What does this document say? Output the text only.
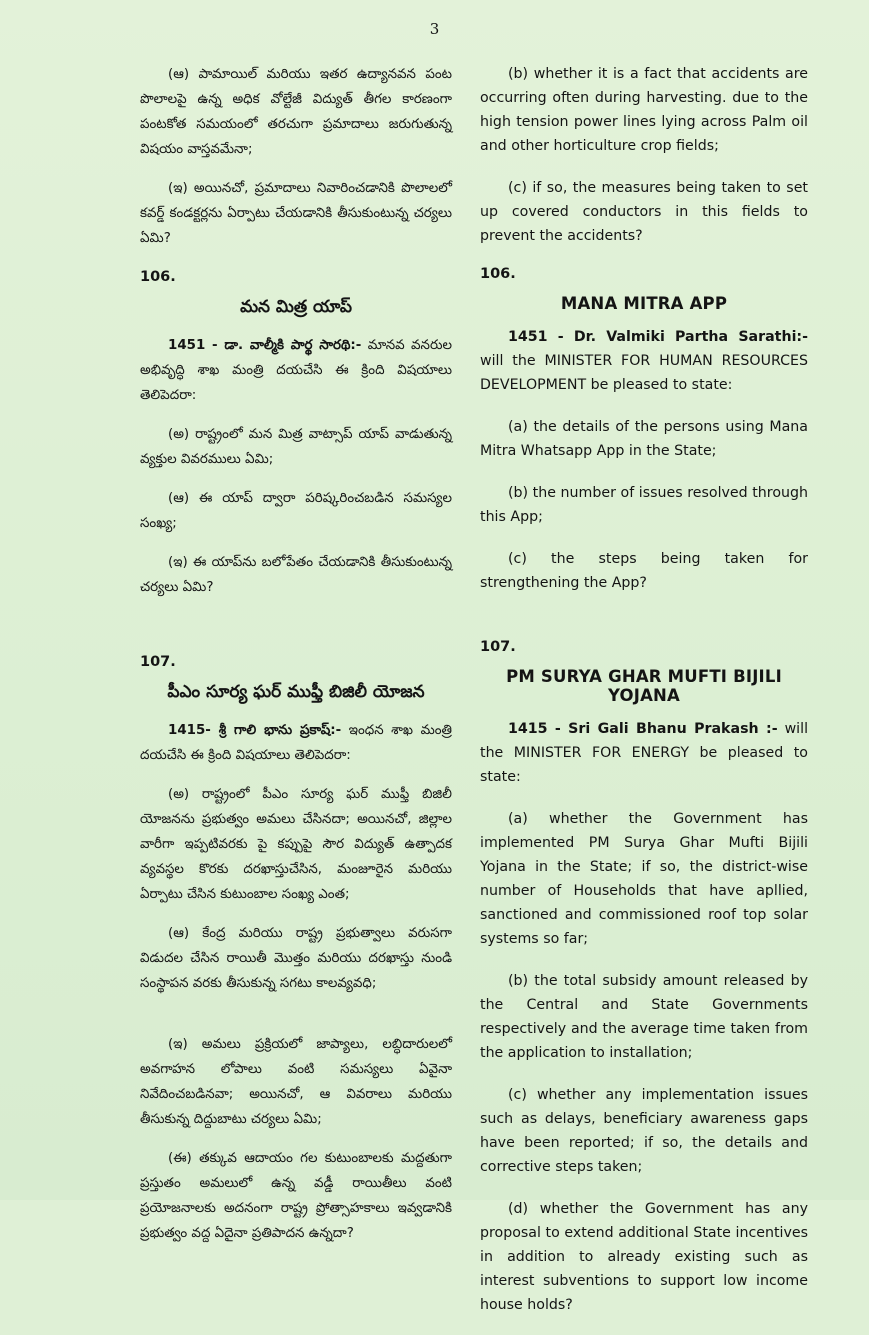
3

(ఆ) పామాయిల్ మరియు ఇతర ఉద్యానవన పంట పొలాలపై ఉన్న అధిక వోల్టేజీ విద్యుత్ తీగల కారణంగా పంటకోత సమయంలో తరచుగా ప్రమాదాలు జరుగుతున్న విషయం వాస్తవమేనా;

(ఇ) అయినచో, ప్రమాదాలు నివారించడానికి పొలాలలో కవర్డ్ కండక్టర్లను ఏర్పాటు చేయడానికి తీసుకుంటున్న చర్యలు ఏమి?

106.
మన మిత్ర యాప్

1451 - డా. వాల్మీకి పార్థ సారథి:- మానవ వనరుల అభివృద్ధి శాఖ మంత్రి దయచేసి ఈ క్రింది విషయాలు తెలిపెదరా:

(అ) రాష్ట్రంలో మన మిత్ర వాట్సాప్ యాప్ వాడుతున్న వ్యక్తుల వివరములు ఏమి;

(ఆ) ఈ యాప్ ద్వారా పరిష్కరించబడిన సమస్యల సంఖ్య;

(ఇ) ఈ యాప్‌ను బలోపేతం చేయడానికి తీసుకుంటున్న చర్యలు ఏమి?

107.
పీఎం సూర్య ఘర్ ముఫ్తీ బిజిలీ యోజన

1415- శ్రీ గాలి భాను ప్రకాష్:- ఇంధన శాఖ మంత్రి దయచేసి ఈ క్రింది విషయాలు తెలిపెదరా:

(అ) రాష్ట్రంలో పీఎం సూర్య ఘర్ ముఫ్తీ బిజిలీ యోజనను ప్రభుత్వం అమలు చేసినదా; అయినచో, జిల్లాల వారీగా ఇప్పటివరకు పై కప్పుపై సౌర విద్యుత్ ఉత్పాదక వ్యవస్థల కొరకు దరఖాస్తుచేసిన, మంజూరైన మరియు ఏర్పాటు చేసిన కుటుంబాల సంఖ్య ఎంత;

(ఆ) కేంద్ర మరియు రాష్ట్ర ప్రభుత్వాలు వరుసగా విడుదల చేసిన రాయితీ మొత్తం మరియు దరఖాస్తు నుండి సంస్థాపన వరకు తీసుకున్న సగటు కాలవ్యవధి;

(ఇ) అమలు ప్రక్రియలో జాప్యాలు, లబ్ధిదారులలో అవగాహన లోపాలు వంటి సమస్యలు ఏవైనా నివేదించబడినవా; అయినచో, ఆ వివరాలు మరియు తీసుకున్న దిద్దుబాటు చర్యలు ఏమి;

(ఈ) తక్కువ ఆదాయం గల కుటుంబాలకు మద్దతుగా ప్రస్తుతం అమలులో ఉన్న వడ్డీ రాయితీలు వంటి ప్రయోజనాలకు అదనంగా రాష్ట్ర ప్రోత్సాహకాలు ఇవ్వడానికి ప్రభుత్వం వద్ద ఏదైనా ప్రతిపాదన ఉన్నదా?

(b) whether it is a fact that accidents are occurring often during harvesting. due to the high tension power lines lying across Palm oil and other horticulture crop fields;

(c) if so, the measures being taken to set up covered conductors in this fields to prevent the accidents?

106.
MANA MITRA APP

1451 - Dr. Valmiki Partha Sarathi:- will the MINISTER FOR HUMAN RESOURCES DEVELOPMENT be pleased to state:

(a) the details of the persons using Mana Mitra Whatsapp App in the State;

(b) the number of issues resolved through this App;

(c) the steps being taken for strengthening the App?

107.
PM SURYA GHAR MUFTI BIJILI YOJANA

1415 - Sri Gali Bhanu Prakash :- will the MINISTER FOR ENERGY be pleased to state:

(a) whether the Government has implemented PM Surya Ghar Mufti Bijili Yojana in the State; if so, the district-wise number of Households that have apllied, sanctioned and commissioned roof top solar systems so far;

(b) the total subsidy amount released by the Central and State Governments respectively and the average time taken from the application to installation;

(c) whether any implementation issues such as delays, beneficiary awareness gaps have been reported; if so, the details and corrective steps taken;

(d) whether the Government has any proposal to extend additional State incentives in addition to already existing such as interest subventions to support low income house holds?
